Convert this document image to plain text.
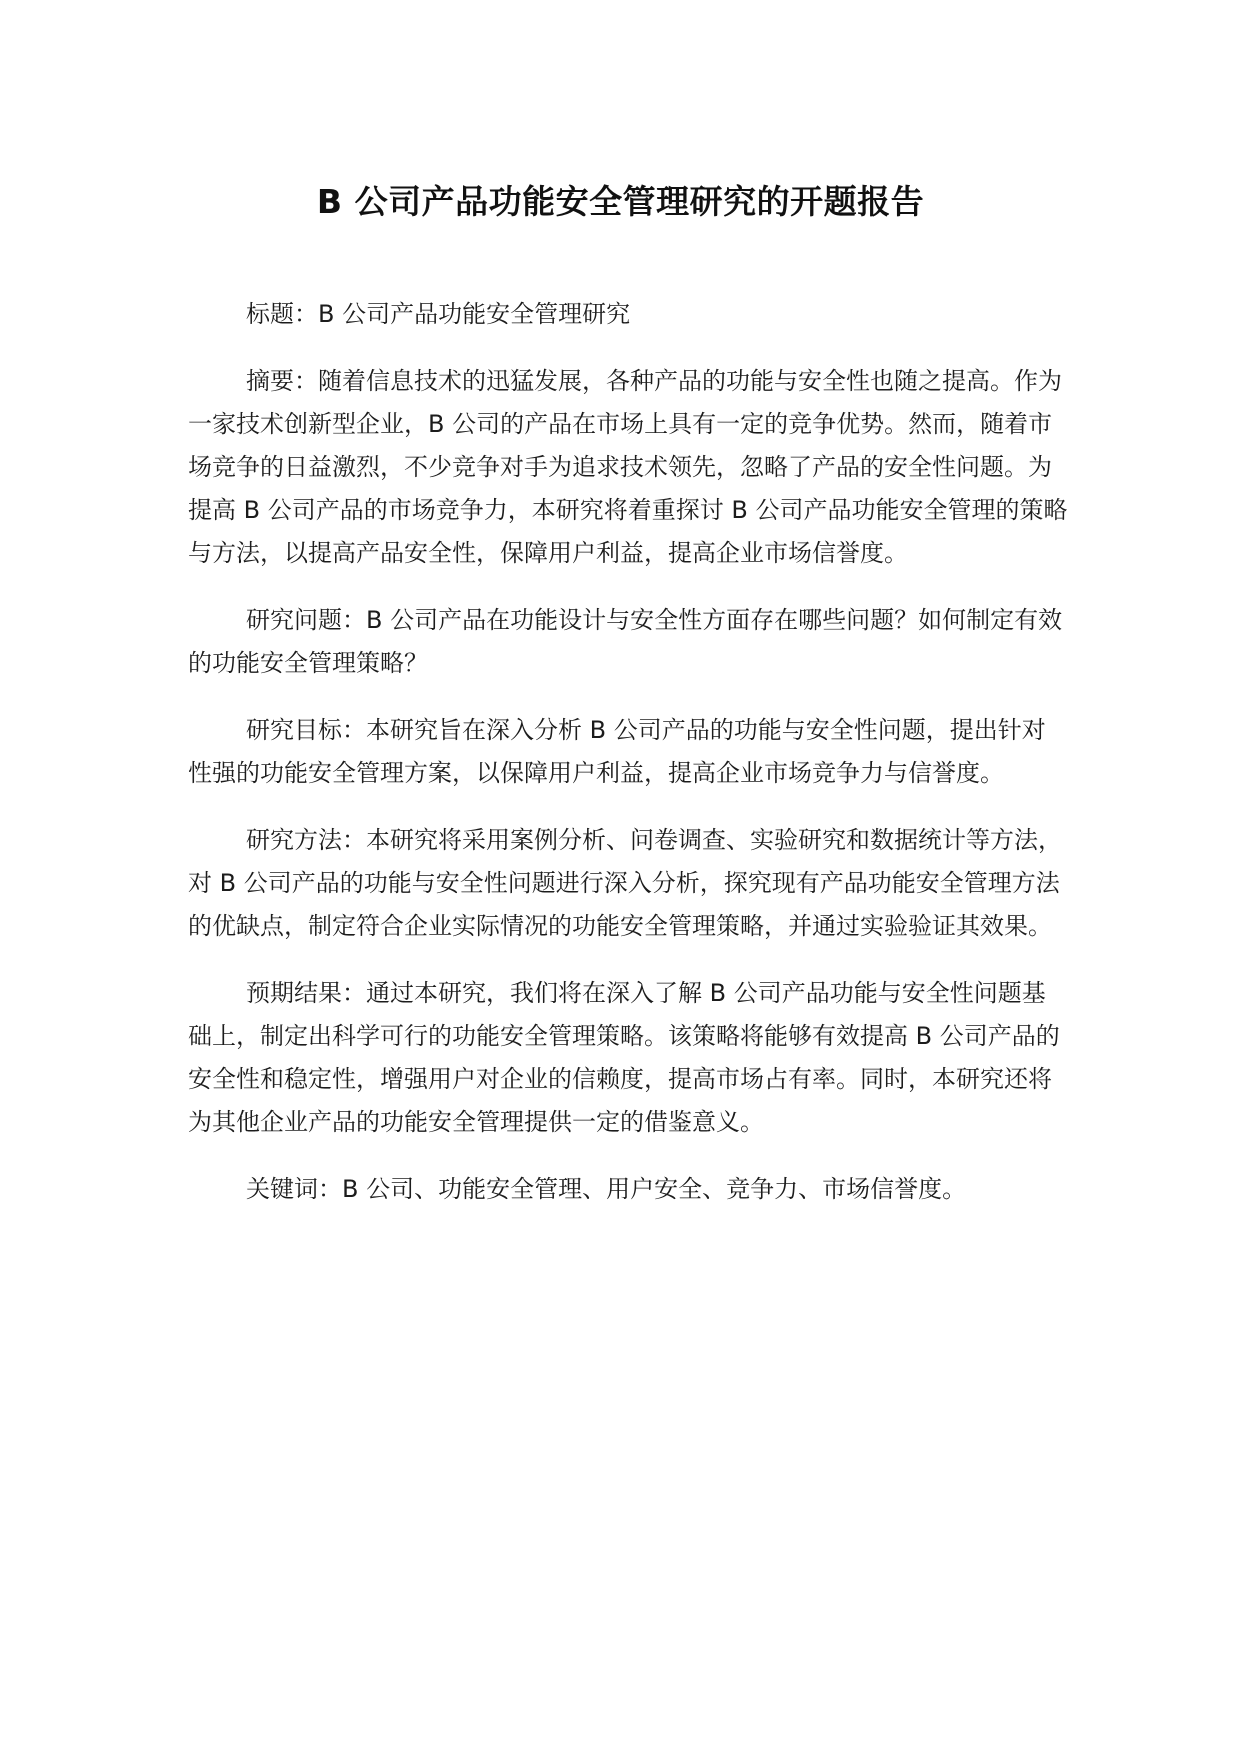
B 公司产品功能安全管理研究的开题报告

标题：B 公司产品功能安全管理研究

摘要：随着信息技术的迅猛发展，各种产品的功能与安全性也随之提高。作为一家技术创新型企业，B 公司的产品在市场上具有一定的竞争优势。然而，随着市场竞争的日益激烈，不少竞争对手为追求技术领先，忽略了产品的安全性问题。为提高 B 公司产品的市场竞争力，本研究将着重探讨 B 公司产品功能安全管理的策略与方法，以提高产品安全性，保障用户利益，提高企业市场信誉度。

研究问题：B 公司产品在功能设计与安全性方面存在哪些问题？如何制定有效的功能安全管理策略？

研究目标：本研究旨在深入分析 B 公司产品的功能与安全性问题，提出针对性强的功能安全管理方案，以保障用户利益，提高企业市场竞争力与信誉度。

研究方法：本研究将采用案例分析、问卷调查、实验研究和数据统计等方法，对 B 公司产品的功能与安全性问题进行深入分析，探究现有产品功能安全管理方法的优缺点，制定符合企业实际情况的功能安全管理策略，并通过实验验证其效果。

预期结果：通过本研究，我们将在深入了解 B 公司产品功能与安全性问题基础上，制定出科学可行的功能安全管理策略。该策略将能够有效提高 B 公司产品的安全性和稳定性，增强用户对企业的信赖度，提高市场占有率。同时，本研究还将为其他企业产品的功能安全管理提供一定的借鉴意义。

关键词：B 公司、功能安全管理、用户安全、竞争力、市场信誉度。
